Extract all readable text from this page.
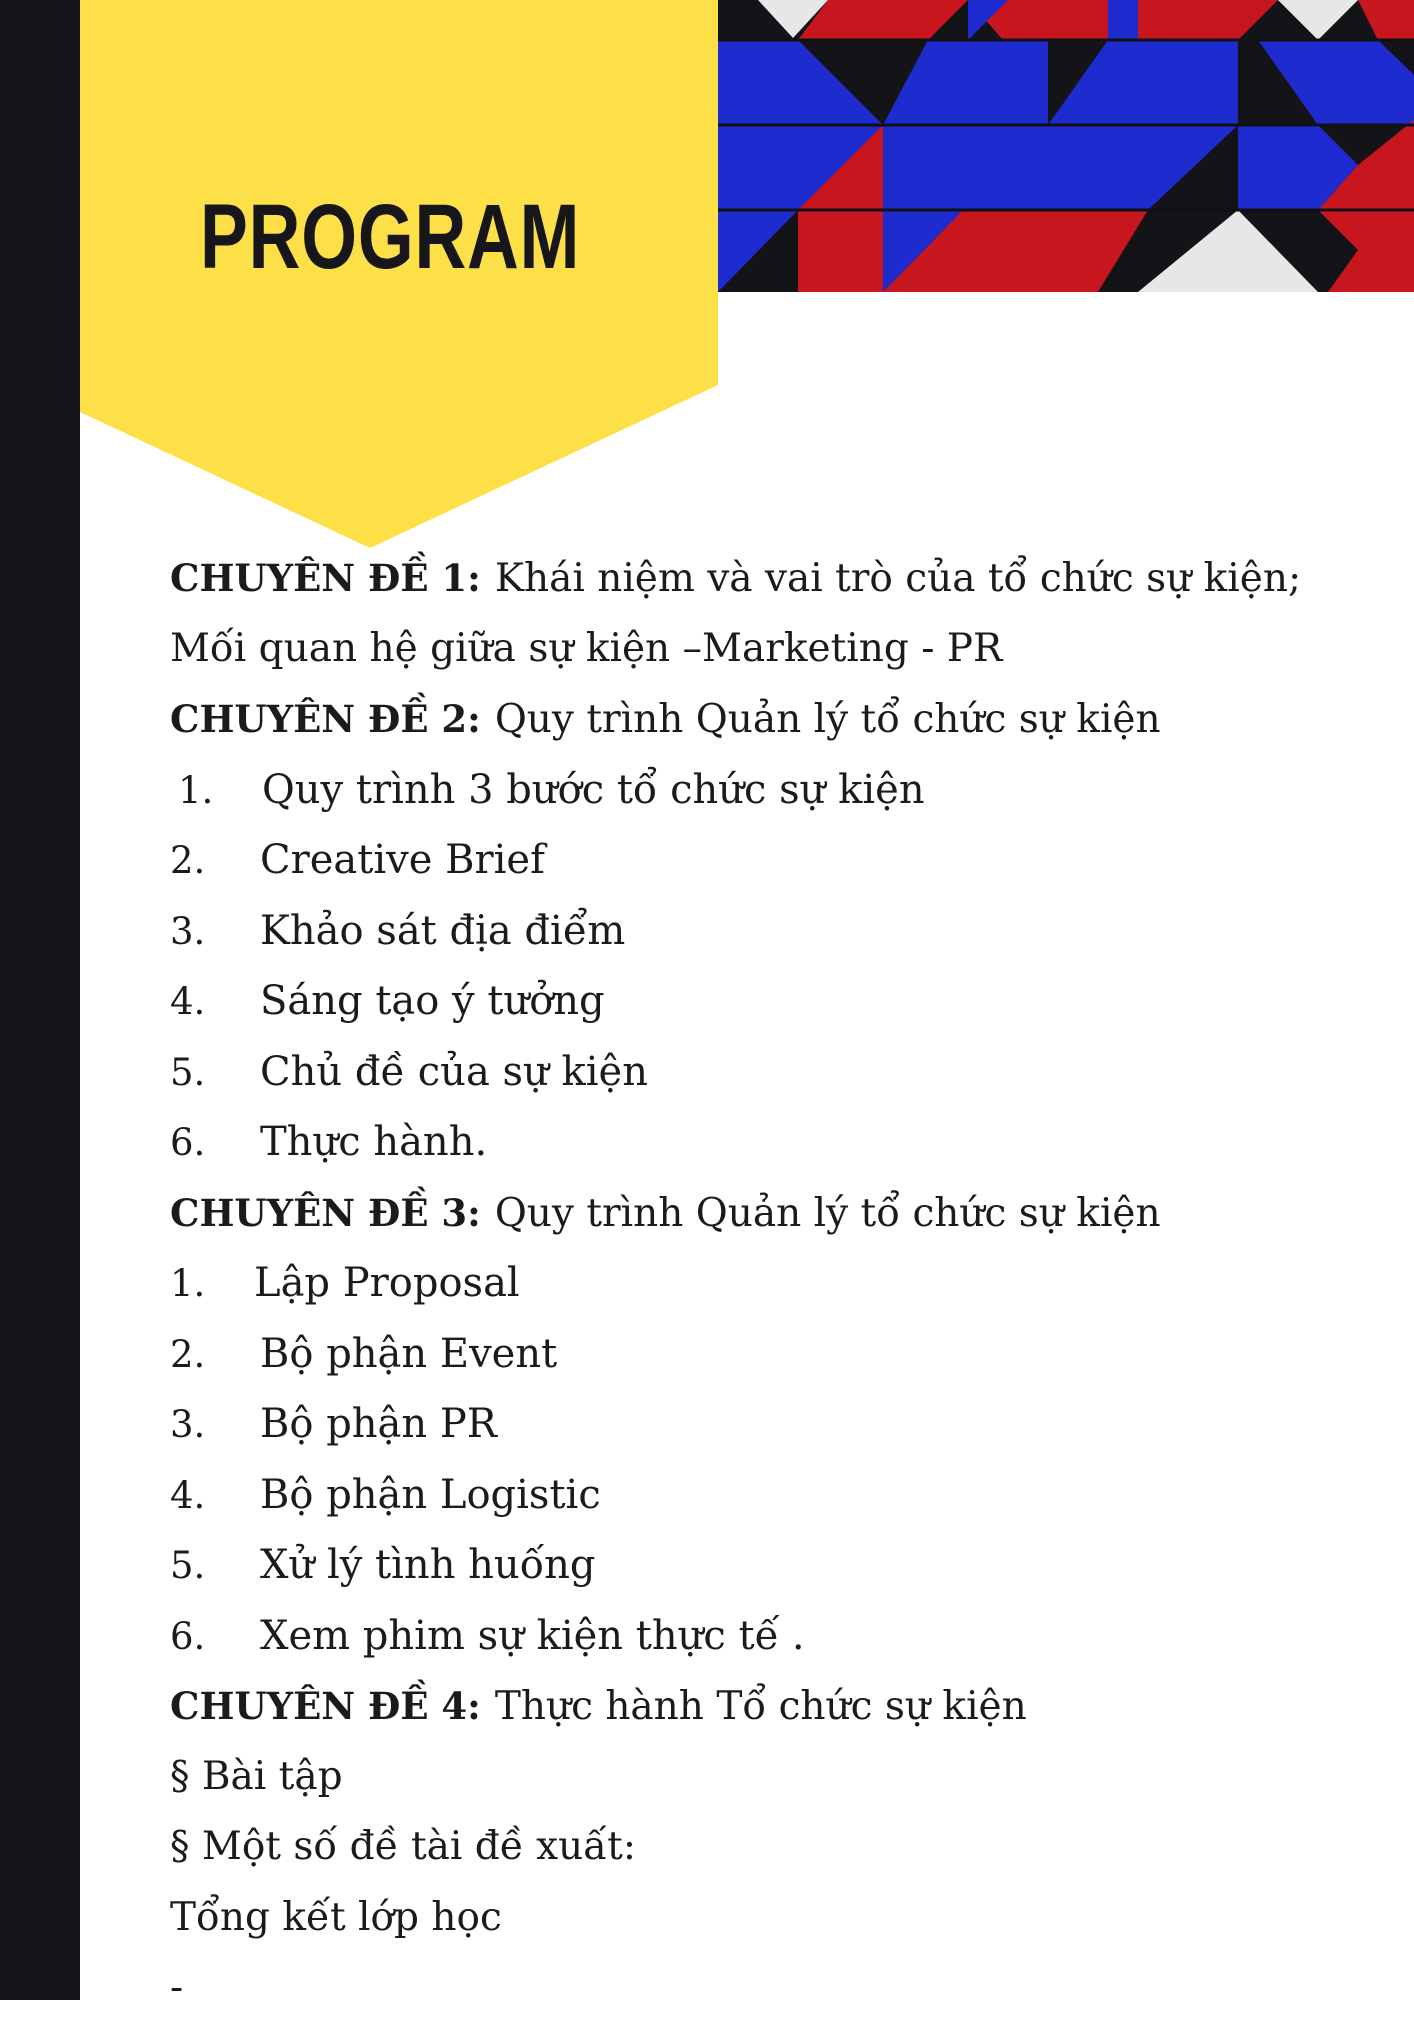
PROGRAM
CHUYÊN ĐỀ 1: Khái niệm và vai trò của tổ chức sự kiện;
Mối quan hệ giữa sự kiện –Marketing - PR
CHUYÊN ĐỀ 2: Quy trình Quản lý tổ chức sự kiện
1. Quy trình 3 bước tổ chức sự kiện
2. Creative Brief
3. Khảo sát địa điểm
4. Sáng tạo ý tưởng
5. Chủ đề của sự kiện
6. Thực hành.
CHUYÊN ĐỀ 3: Quy trình Quản lý tổ chức sự kiện
1. Lập Proposal
2. Bộ phận Event
3. Bộ phận PR
4. Bộ phận Logistic
5. Xử lý tình huống
6. Xem phim sự kiện thực tế .
CHUYÊN ĐỀ 4: Thực hành Tổ chức sự kiện
§ Bài tập
§ Một số đề tài đề xuất:
Tổng kết lớp học
-
